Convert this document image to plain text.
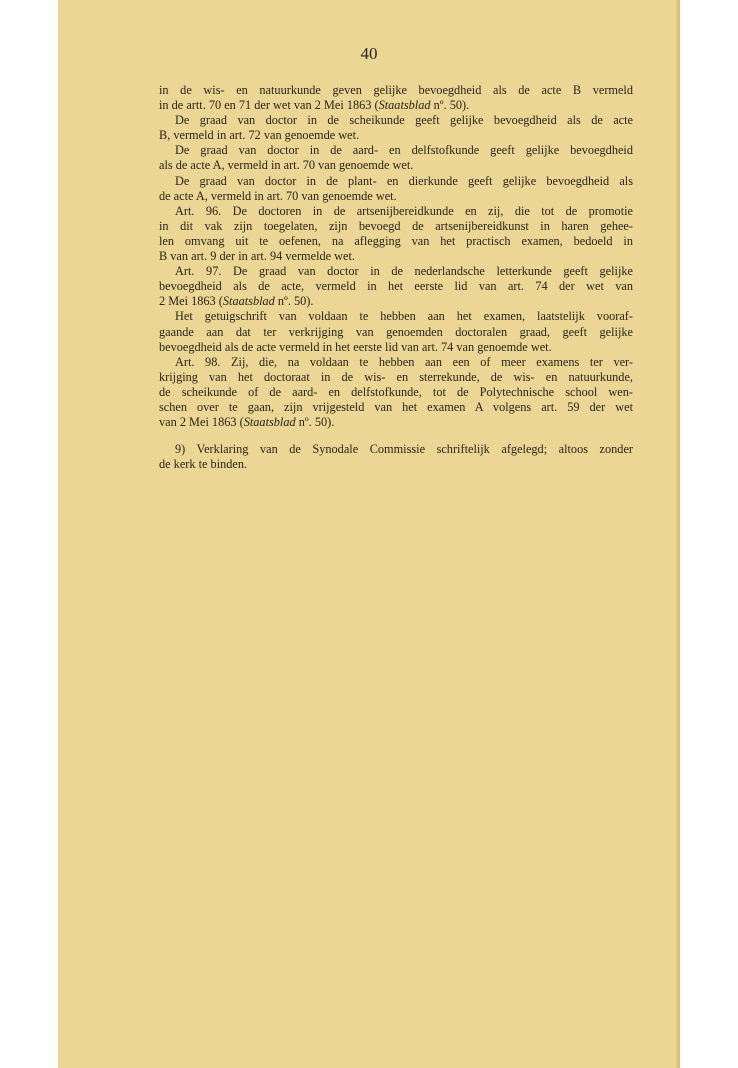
40
in de wis- en natuurkunde geven gelijke bevoegdheid als de acte B vermeld
in de artt. 70 en 71 der wet van 2 Mei 1863 (Staatsblad nº. 50).
De graad van doctor in de scheikunde geeft gelijke bevoegdheid als de acte
B, vermeld in art. 72 van genoemde wet.
De graad van doctor in de aard- en delfstofkunde geeft gelijke bevoegdheid
als de acte A, vermeld in art. 70 van genoemde wet.
De graad van doctor in de plant- en dierkunde geeft gelijke bevoegdheid als
de acte A, vermeld in art. 70 van genoemde wet.
Art. 96. De doctoren in de artsenijbereidkunde en zij, die tot de promotie
in dit vak zijn toegelaten, zijn bevoegd de artsenijbereidkunst in haren gehee-
len omvang uit te oefenen, na aflegging van het practisch examen, bedoeld in
B van art. 9 der in art. 94 vermelde wet.
Art. 97. De graad van doctor in de nederlandsche letterkunde geeft gelijke
bevoegdheid als de acte, vermeld in het eerste lid van art. 74 der wet van
2 Mei 1863 (Staatsblad nº. 50).
Het getuigschrift van voldaan te hebben aan het examen, laatstelijk vooraf-
gaande aan dat ter verkrijging van genoemden doctoralen graad, geeft gelijke
bevoegdheid als de acte vermeld in het eerste lid van art. 74 van genoemde wet.
Art. 98. Zij, die, na voldaan te hebben aan een of meer examens ter ver-
krijging van het doctoraat in de wis- en sterrekunde, de wis- en natuurkunde,
de scheikunde of de aard- en delfstofkunde, tot de Polytechnische school wen-
schen over te gaan, zijn vrijgesteld van het examen A volgens art. 59 der wet
van 2 Mei 1863 (Staatsblad nº. 50).
9) Verklaring van de Synodale Commissie schriftelijk afgelegd; altoos zonder
de kerk te binden.
